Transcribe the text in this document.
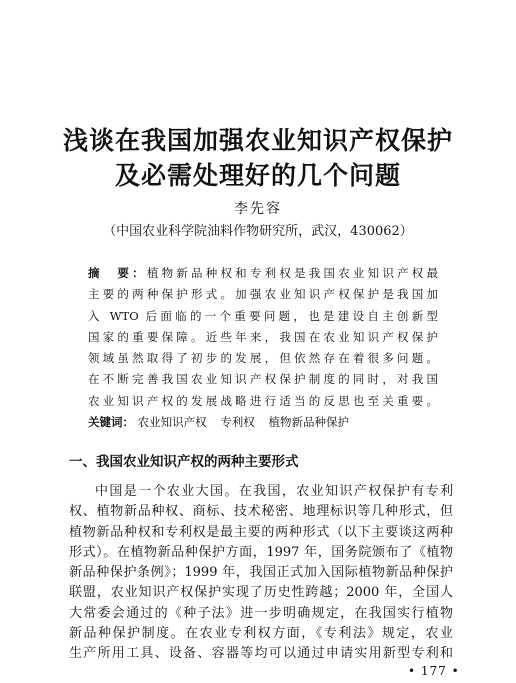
浅谈在我国加强农业知识产权保护
及必需处理好的几个问题
李先容
（中国农业科学院油料作物研究所，武汉，430062）
摘　要：植物新品种权和专利权是我国农业知识产权最
主要的两种保护形式。加强农业知识产权保护是我国加
入 WTO 后面临的一个重要问题，也是建设自主创新型
国家的重要保障。近些年来，我国在农业知识产权保护
领域虽然取得了初步的发展，但依然存在着很多问题。
在不断完善我国农业知识产权保护制度的同时，对我国
农业知识产权的发展战略进行适当的反思也至关重要。
关键词： 农业知识产权 专利权 植物新品种保护
一、我国农业知识产权的两种主要形式
中国是一个农业大国。在我国，农业知识产权保护有专利
权、植物新品种权、商标、技术秘密、地理标识等几种形式，但
植物新品种权和专利权是最主要的两种形式（以下主要谈这两种
形式）。在植物新品种保护方面，1997 年，国务院颁布了《植物
新品种保护条例》；1999 年，我国正式加入国际植物新品种保护
联盟，农业知识产权保护实现了历史性跨越；2000 年，全国人
大常委会通过的《种子法》进一步明确规定，在我国实行植物
新品种保护制度。在农业专利权方面，《专利法》规定，农业
生产所用工具、设备、容器等均可以通过申请实用新型专利和
• 177 •
